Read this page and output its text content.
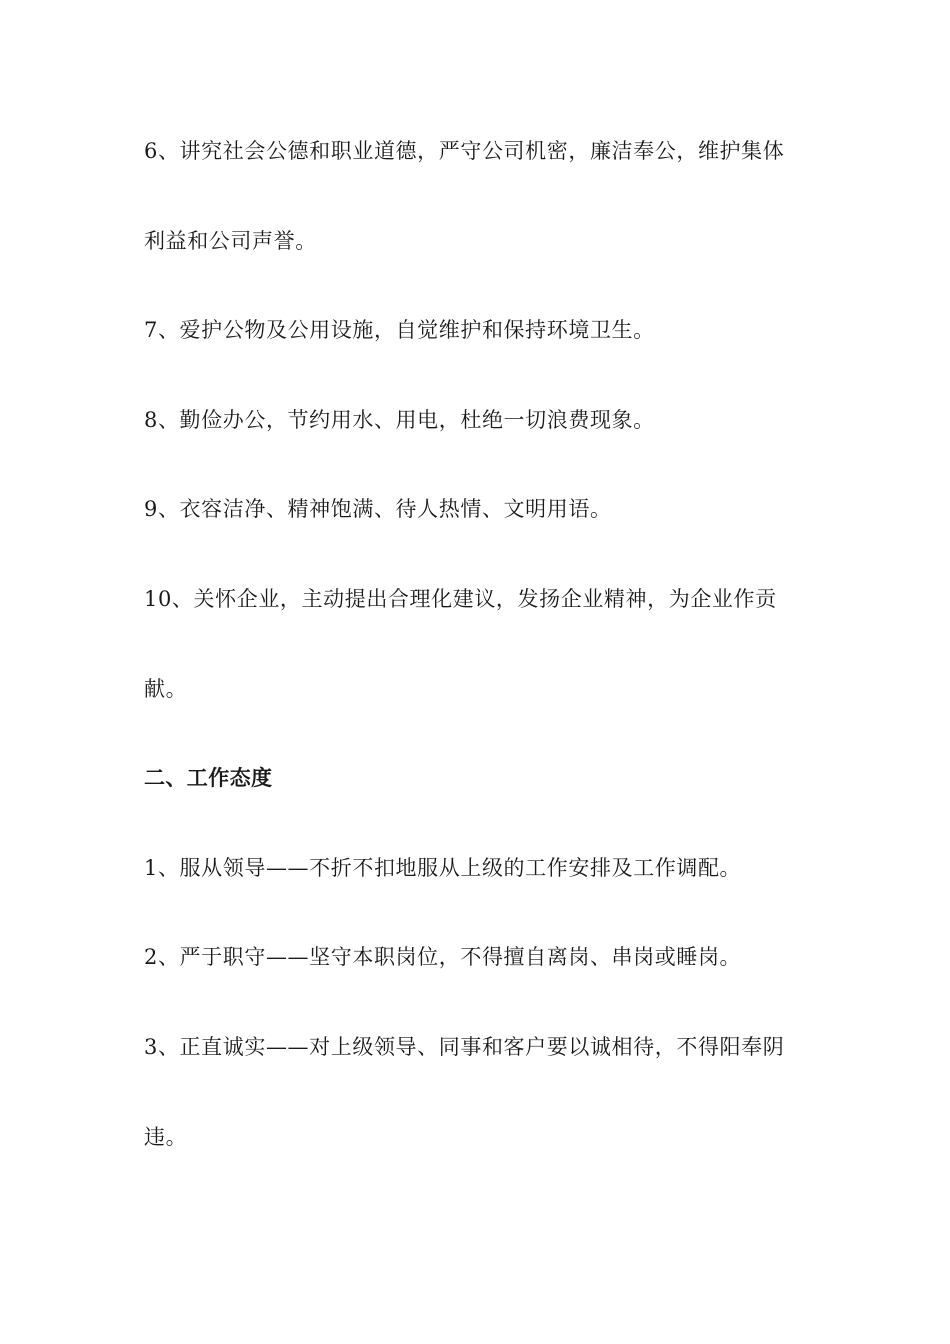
6、讲究社会公德和职业道德，严守公司机密，廉洁奉公，维护集体
利益和公司声誉。
7、爱护公物及公用设施，自觉维护和保持环境卫生。
8、勤俭办公，节约用水、用电，杜绝一切浪费现象。
9、衣容洁净、精神饱满、待人热情、文明用语。
10、关怀企业，主动提出合理化建议，发扬企业精神，为企业作贡
献。
二、工作态度
1、服从领导——不折不扣地服从上级的工作安排及工作调配。
2、严于职守——坚守本职岗位，不得擅自离岗、串岗或睡岗。
3、正直诚实——对上级领导、同事和客户要以诚相待，不得阳奉阴
违。
